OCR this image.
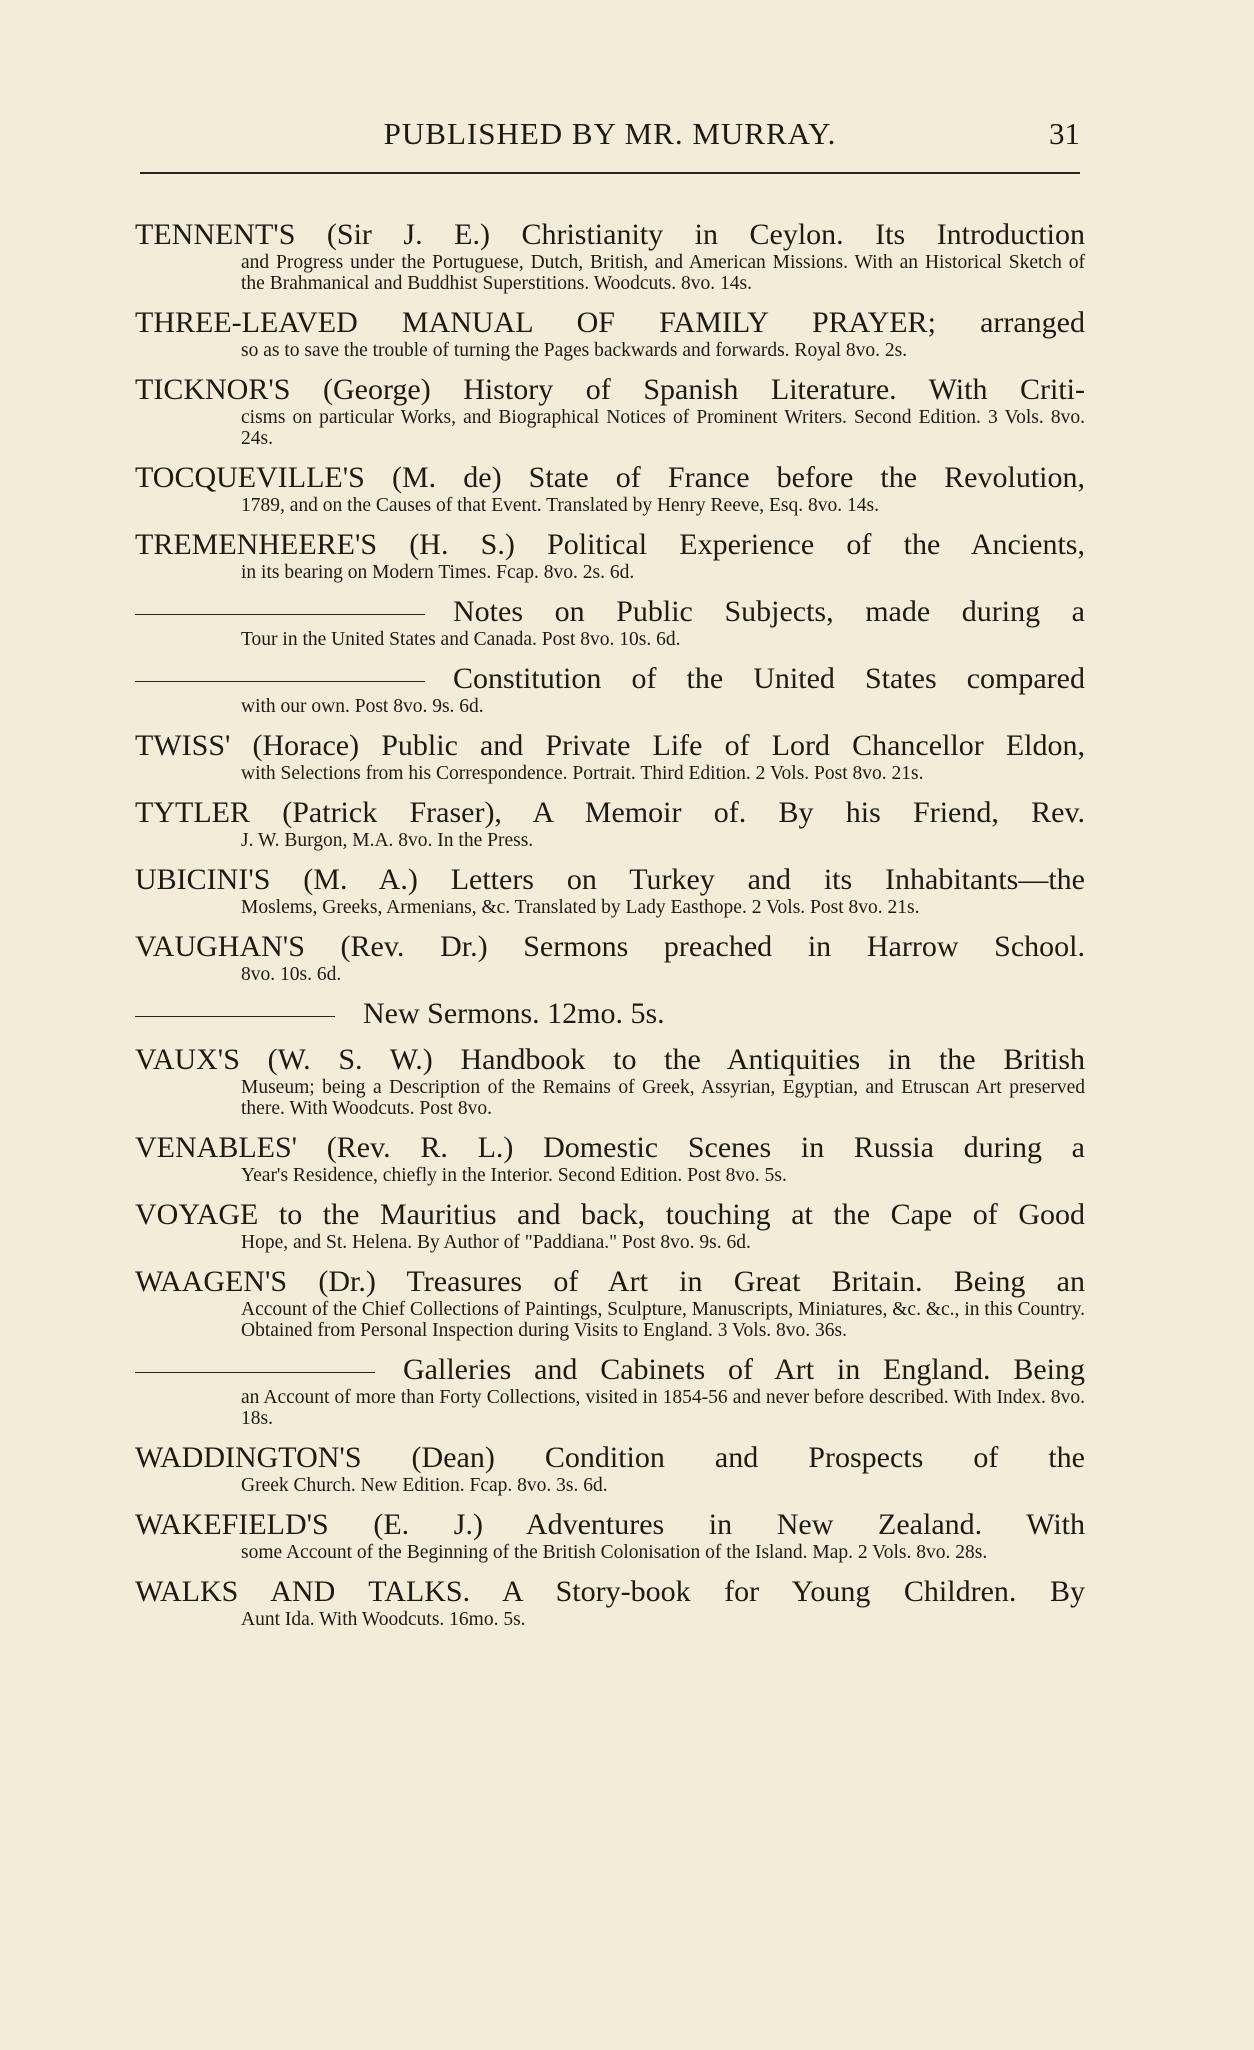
PUBLISHED BY MR. MURRAY.	31
TENNENT'S (Sir J. E.) Christianity in Ceylon. Its Introduction
and Progress under the Portuguese, Dutch, British, and American Missions. With an Historical Sketch of the Brahmanical and Buddhist Superstitions. Woodcuts. 8vo. 14s.
THREE-LEAVED MANUAL OF FAMILY PRAYER; arranged
so as to save the trouble of turning the Pages backwards and forwards. Royal 8vo. 2s.
TICKNOR'S (George) History of Spanish Literature. With Criti-
cisms on particular Works, and Biographical Notices of Prominent Writers. Second Edition. 3 Vols. 8vo. 24s.
TOCQUEVILLE'S (M. de) State of France before the Revolution,
1789, and on the Causes of that Event. Translated by Henry Reeve, Esq. 8vo. 14s.
TREMENHEERE'S (H. S.) Political Experience of the Ancients,
in its bearing on Modern Times. Fcap. 8vo. 2s. 6d.
Notes on Public Subjects, made during a
Tour in the United States and Canada. Post 8vo. 10s. 6d.
Constitution of the United States compared
with our own. Post 8vo. 9s. 6d.
TWISS' (Horace) Public and Private Life of Lord Chancellor Eldon,
with Selections from his Correspondence. Portrait. Third Edition. 2 Vols. Post 8vo. 21s.
TYTLER (Patrick Fraser), A Memoir of. By his Friend, Rev.
J. W. Burgon, M.A. 8vo. In the Press.
UBICINI'S (M. A.) Letters on Turkey and its Inhabitants—the
Moslems, Greeks, Armenians, &c. Translated by Lady Easthope. 2 Vols. Post 8vo. 21s.
VAUGHAN'S (Rev. Dr.) Sermons preached in Harrow School.
8vo. 10s. 6d.
New Sermons. 12mo. 5s.
VAUX'S (W. S. W.) Handbook to the Antiquities in the British
Museum; being a Description of the Remains of Greek, Assyrian, Egyptian, and Etruscan Art preserved there. With Woodcuts. Post 8vo.
VENABLES' (Rev. R. L.) Domestic Scenes in Russia during a
Year's Residence, chiefly in the Interior. Second Edition. Post 8vo. 5s.
VOYAGE to the Mauritius and back, touching at the Cape of Good
Hope, and St. Helena. By Author of "Paddiana." Post 8vo. 9s. 6d.
WAAGEN'S (Dr.) Treasures of Art in Great Britain. Being an
Account of the Chief Collections of Paintings, Sculpture, Manuscripts, Miniatures, &c. &c., in this Country. Obtained from Personal Inspection during Visits to England. 3 Vols. 8vo. 36s.
Galleries and Cabinets of Art in England. Being
an Account of more than Forty Collections, visited in 1854-56 and never before described. With Index. 8vo. 18s.
WADDINGTON'S (Dean) Condition and Prospects of the
Greek Church. New Edition. Fcap. 8vo. 3s. 6d.
WAKEFIELD'S (E. J.) Adventures in New Zealand. With
some Account of the Beginning of the British Colonisation of the Island. Map. 2 Vols. 8vo. 28s.
WALKS AND TALKS. A Story-book for Young Children. By
Aunt Ida. With Woodcuts. 16mo. 5s.
